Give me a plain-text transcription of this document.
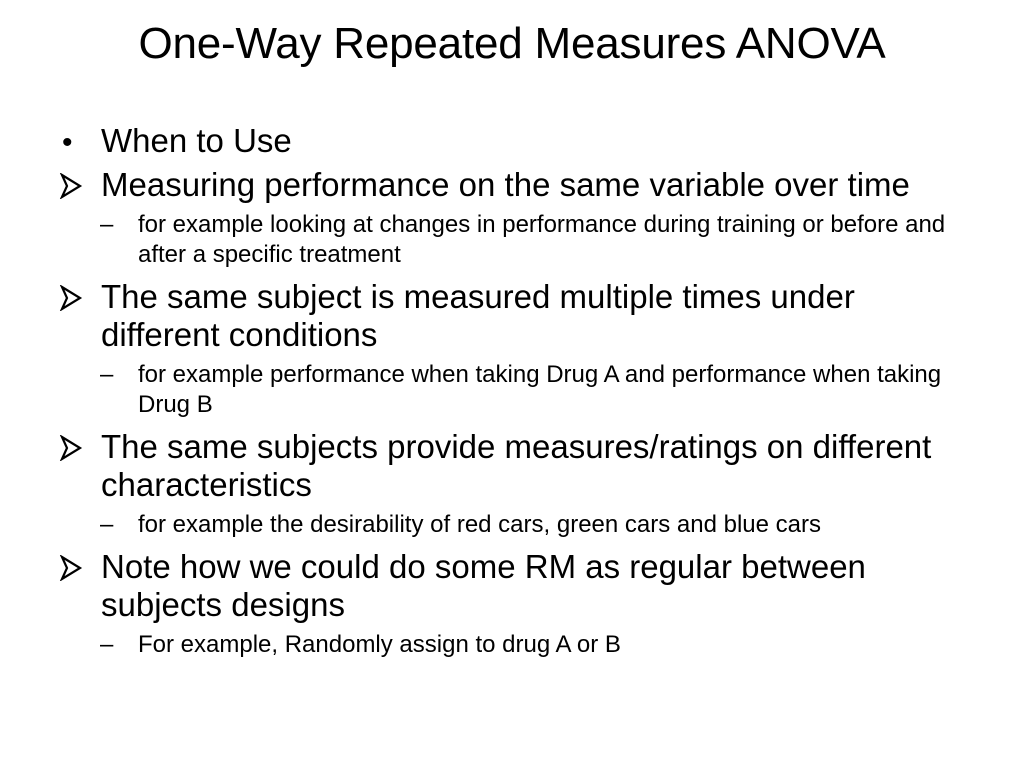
One-Way Repeated Measures ANOVA
• When to Use
Measuring performance on the same variable over time
– for example looking at changes in performance during training or before and after a specific treatment
The same subject is measured multiple times under different conditions
– for example performance when taking Drug A and performance when taking Drug B
The same subjects provide measures/ratings on different characteristics
– for example the desirability of red cars, green cars and blue cars
Note how we could do some RM as regular between subjects designs
– For example, Randomly assign to drug A or B
